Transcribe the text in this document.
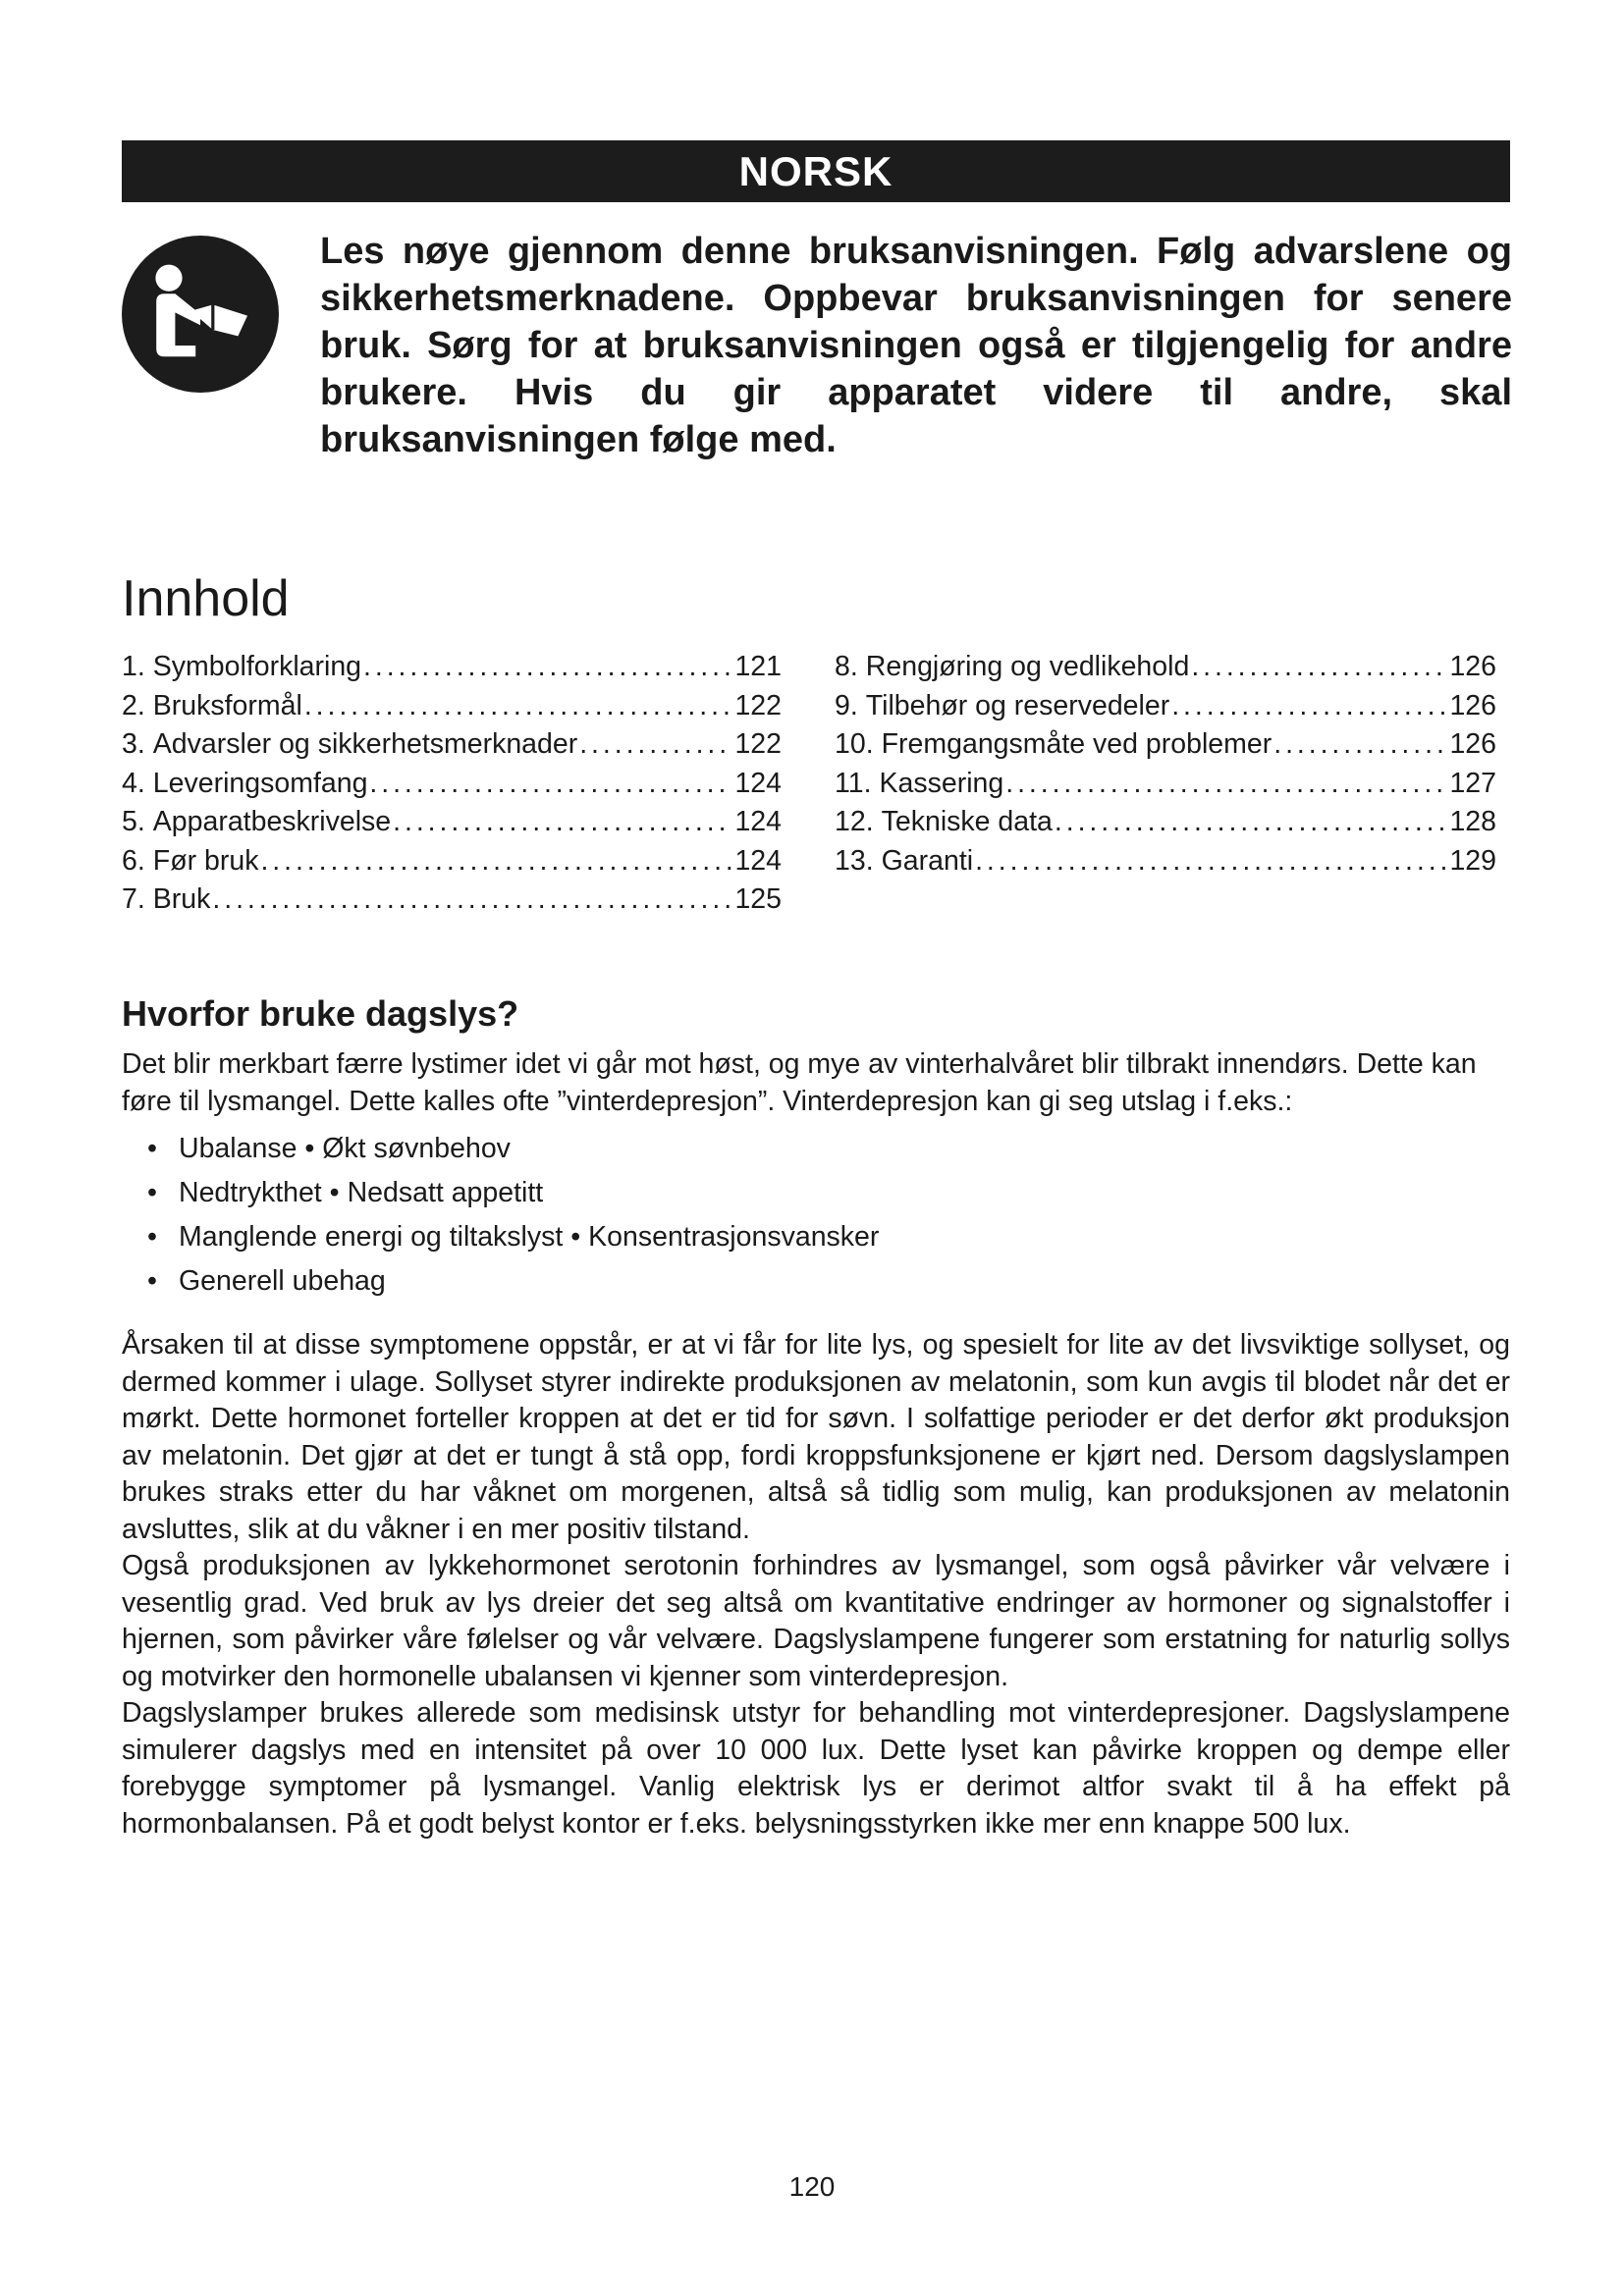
NORSK

Les nøye gjennom denne bruksanvisningen. Følg advarslene og sikkerhetsmerknadene. Oppbevar bruksanvisningen for senere bruk. Sørg for at bruksanvisningen også er tilgjengelig for andre brukere. Hvis du gir apparatet videre til andre, skal bruksanvisningen følge med.

Innhold
1. Symbolforklaring . . .	121
2. Bruksformål . . .	122
3. Advarsler og sikkerhetsmerknader . . .	122
4. Leveringsomfang . . .	124
5. Apparatbeskrivelse . . .	124
6. Før bruk . . .	124
7. Bruk . . .	125
8. Rengjøring og vedlikehold . . .	126
9. Tilbehør og reservedeler . . .	126
10. Fremgangsmåte ved problemer . . .	126
11. Kassering . . .	127
12. Tekniske data . . .	128
13. Garanti . . .	129
Hvorfor bruke dagslys?

Det blir merkbart færre lystimer idet vi går mot høst, og mye av vinterhalvåret blir tilbrakt innendørs. Dette kan føre til lysmangel. Dette kalles ofte ”vinterdepresjon”. Vinterdepresjon kan gi seg utslag i f.eks.:

• Ubalanse • Økt søvnbehov
• Nedtrykthet • Nedsatt appetitt
• Manglende energi og tiltakslyst • Konsentrasjonsvansker
• Generell ubehag

Årsaken til at disse symptomene oppstår, er at vi får for lite lys, og spesielt for lite av det livsviktige sollyset, og dermed kommer i ulage. Sollyset styrer indirekte produksjonen av melatonin, som kun avgis til blodet når det er mørkt. Dette hormonet forteller kroppen at det er tid for søvn. I solfattige perioder er det derfor økt produksjon av melatonin. Det gjør at det er tungt å stå opp, fordi kroppsfunksjonene er kjørt ned. Dersom dagslyslampen brukes straks etter du har våknet om morgenen, altså så tidlig som mulig, kan produksjonen av melatonin avsluttes, slik at du våkner i en mer positiv tilstand.

Også produksjonen av lykkehormonet serotonin forhindres av lysmangel, som også påvirker vår velvære i vesentlig grad. Ved bruk av lys dreier det seg altså om kvantitative endringer av hormoner og signalstoffer i hjernen, som påvirker våre følelser og vår velvære. Dagslyslampene fungerer som erstatning for naturlig sollys og motvirker den hormonelle ubalansen vi kjenner som vinterdepresjon.

Dagslyslamper brukes allerede som medisinsk utstyr for behandling mot vinterdepresjoner. Dagslyslampene simulerer dagslys med en intensitet på over 10 000 lux. Dette lyset kan påvirke kroppen og dempe eller forebygge symptomer på lysmangel. Vanlig elektrisk lys er derimot altfor svakt til å ha effekt på hormonbalansen. På et godt belyst kontor er f.eks. belysningsstyrken ikke mer enn knappe 500 lux.

120
